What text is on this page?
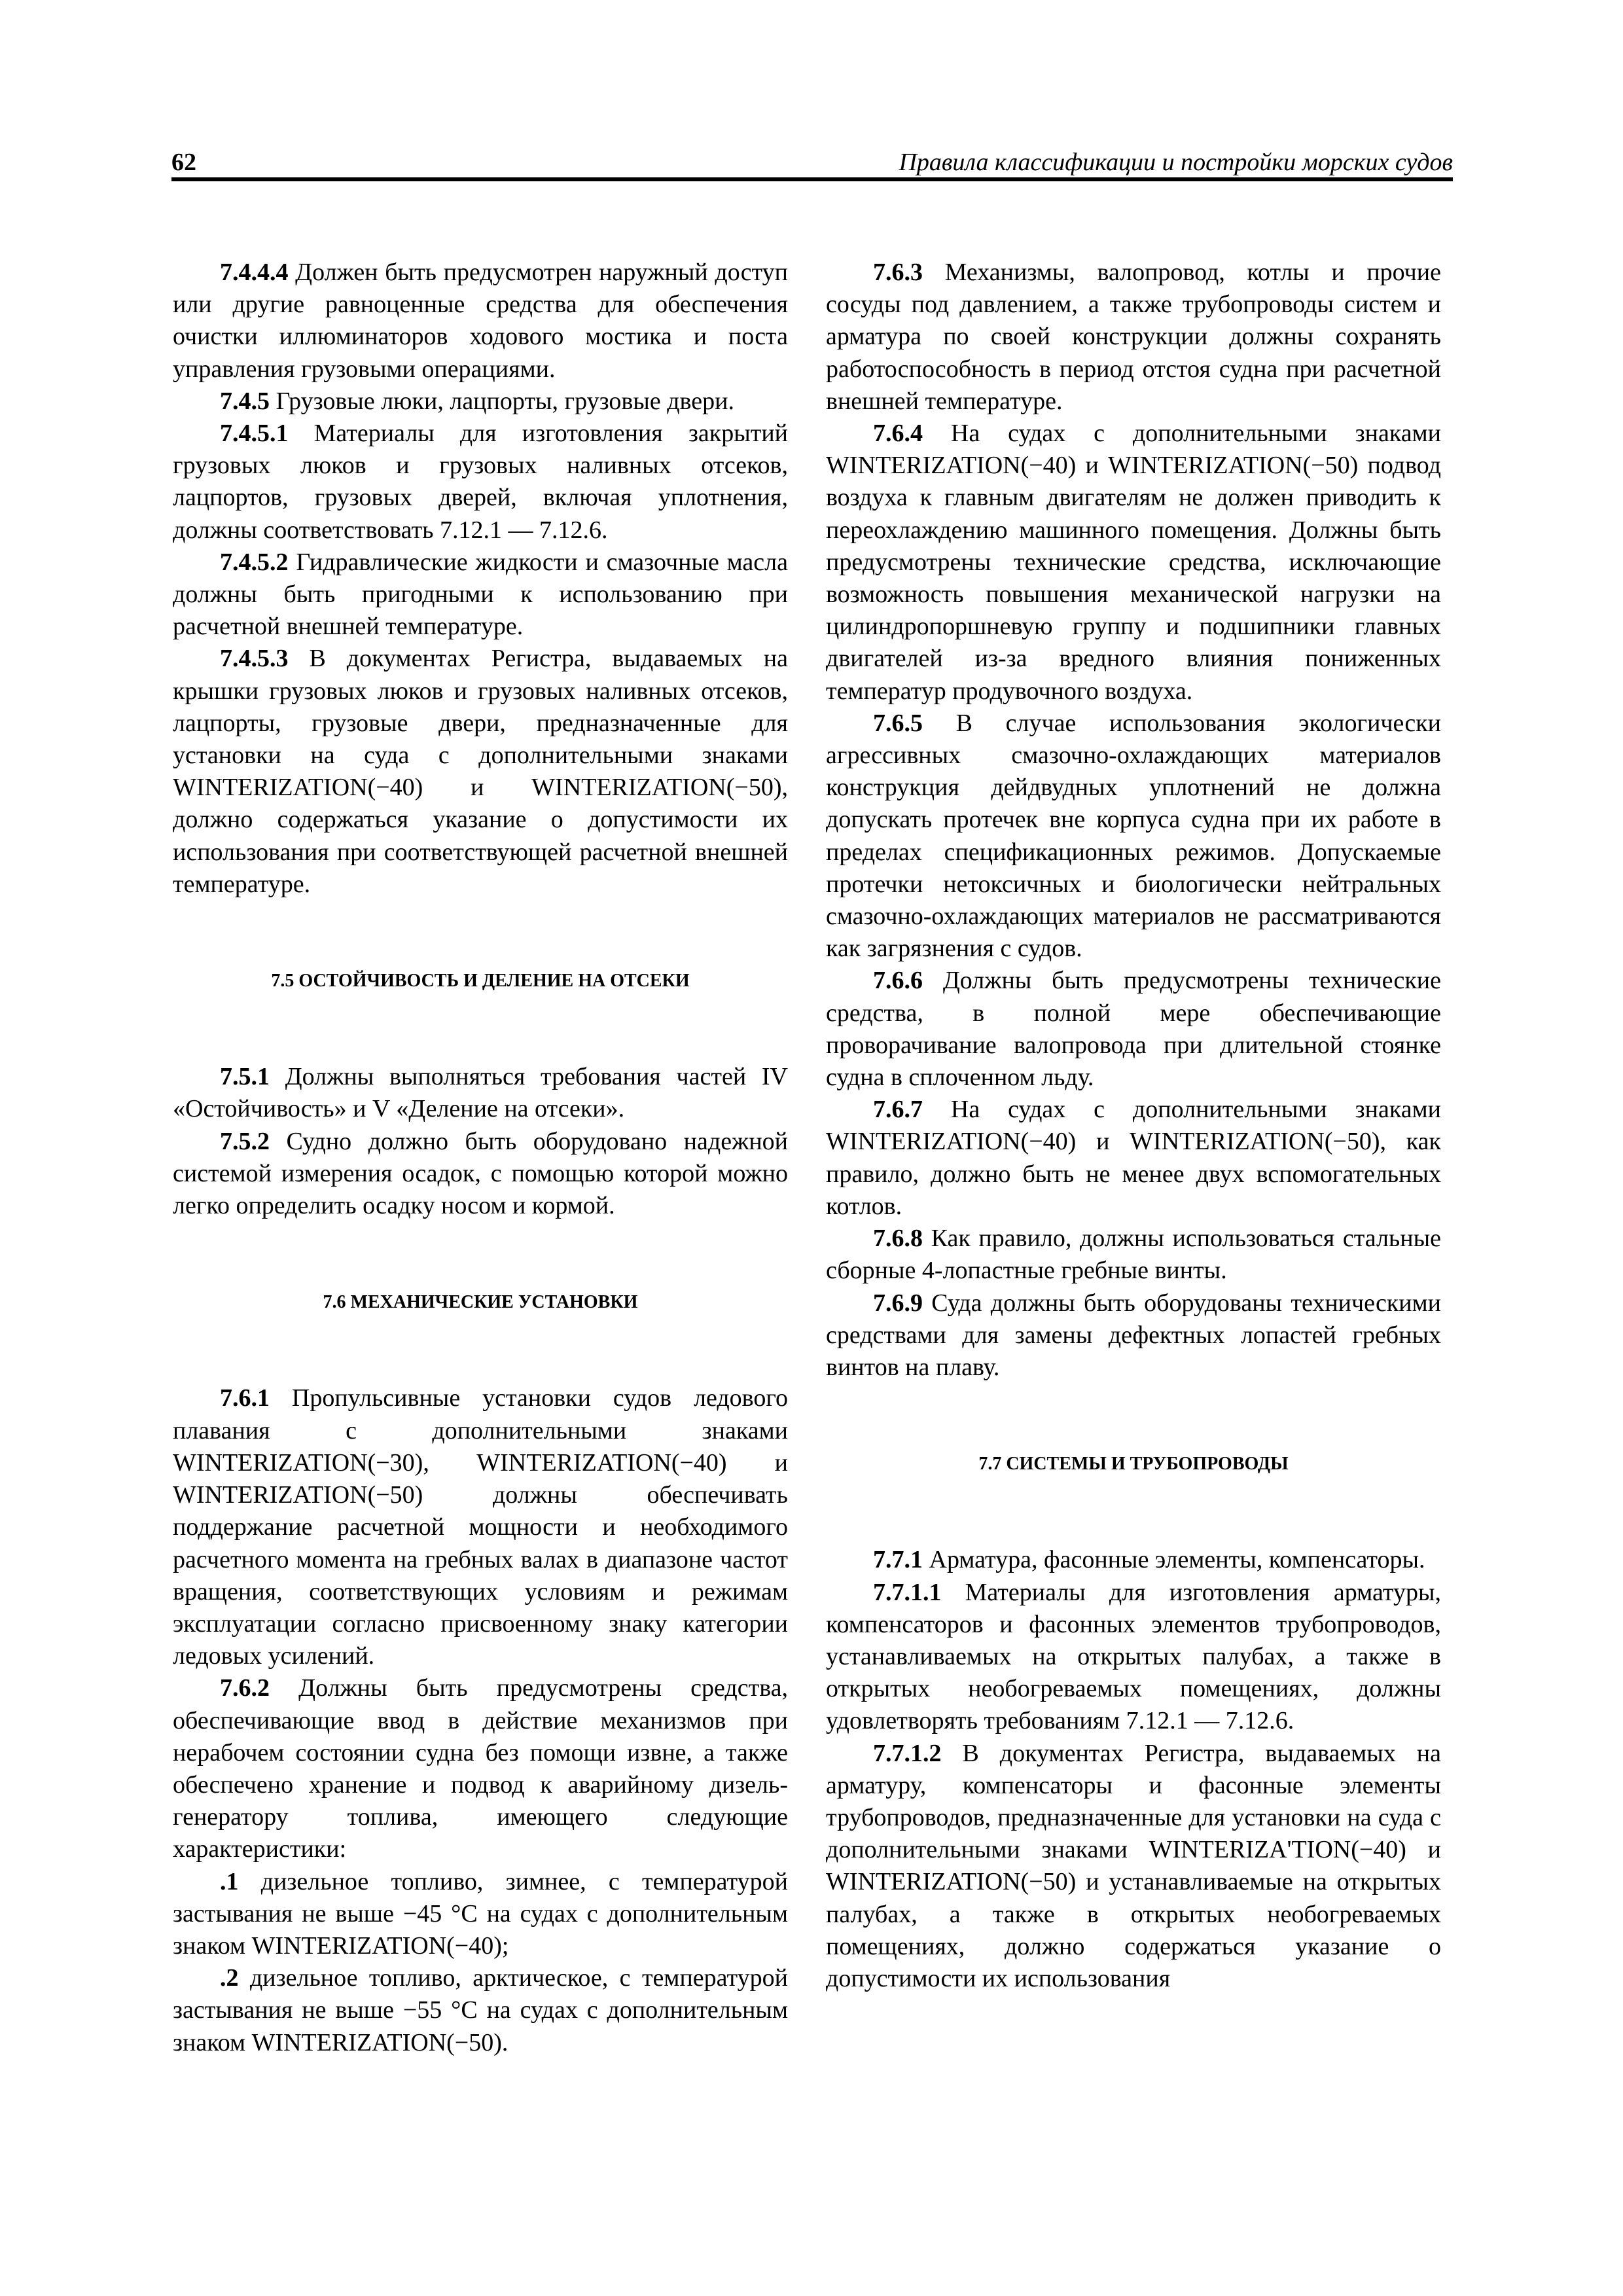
62	Правила классификации и постройки морских судов

7.4.4.4 Должен быть предусмотрен наружный доступ или другие равноценные средства для обеспечения очистки иллюминаторов ходового мостика и поста управления грузовыми операциями.

7.4.5 Грузовые люки, лацпорты, грузовые двери.

7.4.5.1 Материалы для изготовления закрытий грузовых люков и грузовых наливных отсеков, лацпортов, грузовых дверей, включая уплотнения, должны соответствовать 7.12.1 — 7.12.6.

7.4.5.2 Гидравлические жидкости и смазочные масла должны быть пригодными к использованию при расчетной внешней температуре.

7.4.5.3 В документах Регистра, выдаваемых на крышки грузовых люков и грузовых наливных отсеков, лацпорты, грузовые двери, предназначенные для установки на суда с дополнительными знаками WINTERIZATION(−40) и WINTERIZATION(−50), должно содержаться указание о допустимости их использования при соответствующей расчетной внешней температуре.

7.5 ОСТОЙЧИВОСТЬ И ДЕЛЕНИЕ НА ОТСЕКИ

7.5.1 Должны выполняться требования частей IV «Остойчивость» и V «Деление на отсеки».

7.5.2 Судно должно быть оборудовано надежной системой измерения осадок, с помощью которой можно легко определить осадку носом и кормой.

7.6 МЕХАНИЧЕСКИЕ УСТАНОВКИ

7.6.1 Пропульсивные установки судов ледового плавания с дополнительными знаками WINTERIZATION(−30), WINTERIZATION(−40) и WINTERIZATION(−50) должны обеспечивать поддержание расчетной мощности и необходимого расчетного момента на гребных валах в диапазоне частот вращения, соответствующих условиям и режимам эксплуатации согласно присвоенному знаку категории ледовых усилений.

7.6.2 Должны быть предусмотрены средства, обеспечивающие ввод в действие механизмов при нерабочем состоянии судна без помощи извне, а также обеспечено хранение и подвод к аварийному дизель-генератору топлива, имеющего следующие характеристики:

.1 дизельное топливо, зимнее, с температурой застывания не выше −45 °С на судах с дополнительным знаком WINTERIZATION(−40);

.2 дизельное топливо, арктическое, с температурой застывания не выше −55 °С на судах с дополнительным знаком WINTERIZATION(−50).

7.6.3 Механизмы, валопровод, котлы и прочие сосуды под давлением, а также трубопроводы систем и арматура по своей конструкции должны сохранять работоспособность в период отстоя судна при расчетной внешней температуре.

7.6.4 На судах с дополнительными знаками WINTERIZATION(−40) и WINTERIZATION(−50) подвод воздуха к главным двигателям не должен приводить к переохлаждению машинного помещения. Должны быть предусмотрены технические средства, исключающие возможность повышения механической нагрузки на цилиндропоршневую группу и подшипники главных двигателей из-за вредного влияния пониженных температур продувочного воздуха.

7.6.5 В случае использования экологически агрессивных смазочно-охлаждающих материалов конструкция дейдвудных уплотнений не должна допускать протечек вне корпуса судна при их работе в пределах спецификационных режимов. Допускаемые протечки нетоксичных и биологически нейтральных смазочно-охлаждающих материалов не рассматриваются как загрязнения с судов.

7.6.6 Должны быть предусмотрены технические средства, в полной мере обеспечивающие проворачивание валопровода при длительной стоянке судна в сплоченном льду.

7.6.7 На судах с дополнительными знаками WINTERIZATION(−40) и WINTERIZATION(−50), как правило, должно быть не менее двух вспомогательных котлов.

7.6.8 Как правило, должны использоваться стальные сборные 4-лопастные гребные винты.

7.6.9 Суда должны быть оборудованы техническими средствами для замены дефектных лопастей гребных винтов на плаву.

7.7 СИСТЕМЫ И ТРУБОПРОВОДЫ

7.7.1 Арматура, фасонные элементы, компенсаторы.

7.7.1.1 Материалы для изготовления арматуры, компенсаторов и фасонных элементов трубопроводов, устанавливаемых на открытых палубах, а также в открытых необогреваемых помещениях, должны удовлетворять требованиям 7.12.1 — 7.12.6.

7.7.1.2 В документах Регистра, выдаваемых на арматуру, компенсаторы и фасонные элементы трубопроводов, предназначенные для установки на суда с дополнительными знаками WINTERIZA'TION(−40) и WINTERIZATION(−50) и устанавливаемые на открытых палубах, а также в открытых необогреваемых помещениях, должно содержаться указание о допустимости их использования
